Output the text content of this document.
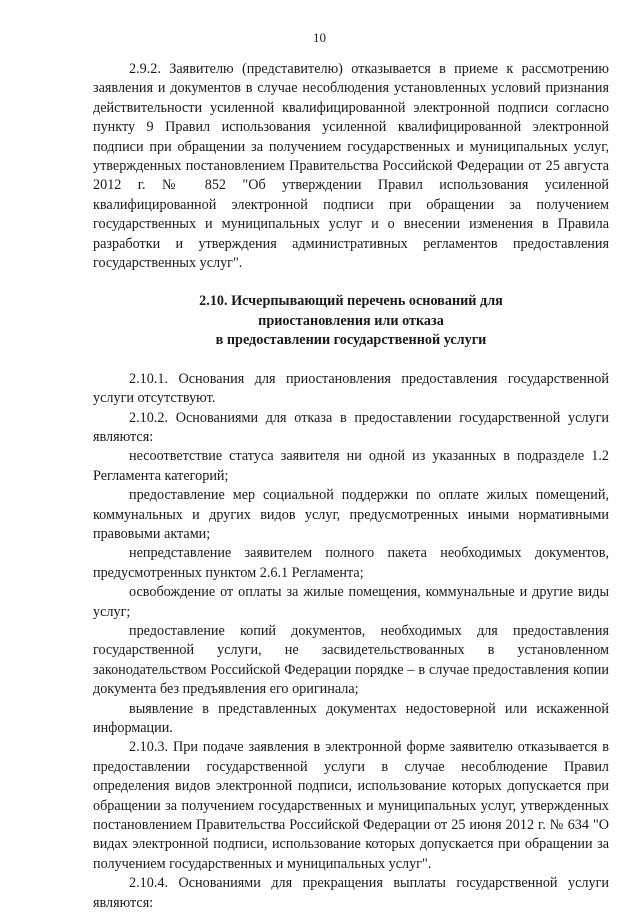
10

2.9.2. Заявителю (представителю) отказывается в приеме к рассмотрению заявления и документов в случае несоблюдения установленных условий признания действительности усиленной квалифицированной электронной подписи согласно пункту 9 Правил использования усиленной квалифицированной электронной подписи при обращении за получением государственных и муниципальных услуг, утвержденных постановлением Правительства Российской Федерации от 25 августа 2012 г. № 852 "Об утверждении Правил использования усиленной квалифицированной электронной подписи при обращении за получением государственных и муниципальных услуг и о внесении изменения в Правила разработки и утверждения административных регламентов предоставления государственных услуг".

2.10. Исчерпывающий перечень оснований для
приостановления или отказа
в предоставлении государственной услуги

2.10.1. Основания для приостановления предоставления государственной услуги отсутствуют.

2.10.2. Основаниями для отказа в предоставлении государственной услуги являются:

несоответствие статуса заявителя ни одной из указанных в подразделе 1.2 Регламента категорий;

предоставление мер социальной поддержки по оплате жилых помещений, коммунальных и других видов услуг, предусмотренных иными нормативными правовыми актами;

непредставление заявителем полного пакета необходимых документов, предусмотренных пунктом 2.6.1 Регламента;

освобождение от оплаты за жилые помещения, коммунальные и другие виды услуг;

предоставление копий документов, необходимых для предоставления государственной услуги, не засвидетельствованных в установленном законодательством Российской Федерации порядке – в случае предоставления копии документа без предъявления его оригинала;

выявление в представленных документах недостоверной или искаженной информации.

2.10.3. При подаче заявления в электронной форме заявителю отказывается в предоставлении государственной услуги в случае несоблюдение Правил определения видов электронной подписи, использование которых допускается при обращении за получением государственных и муниципальных услуг, утвержденных постановлением Правительства Российской Федерации от 25 июня 2012 г. № 634 "О видах электронной подписи, использование которых допускается при обращении за получением государственных и муниципальных услуг".

2.10.4. Основаниями для прекращения выплаты государственной услуги являются:
